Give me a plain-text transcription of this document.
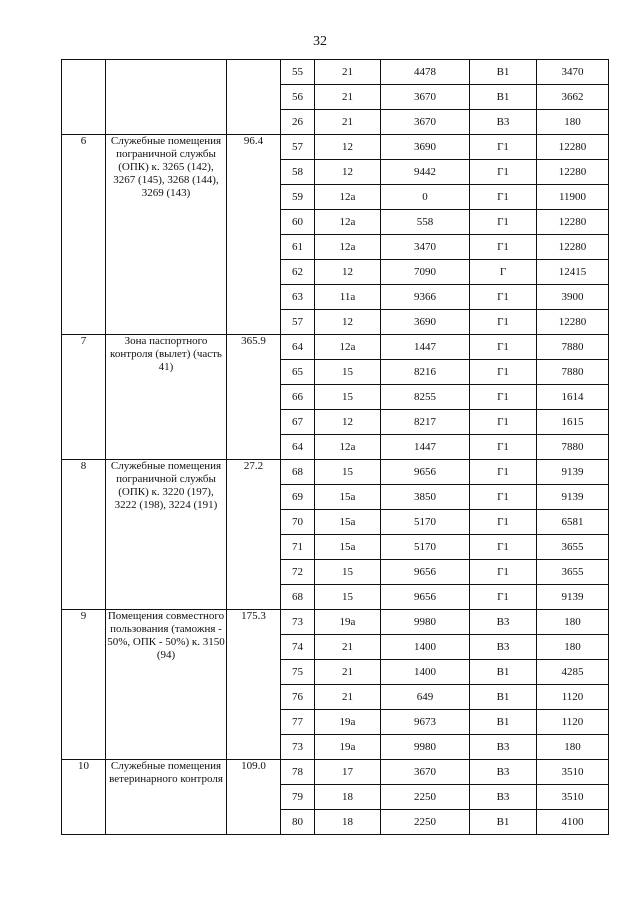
32
			55	21	4478	В1	3470
			56	21	3670	В1	3662
			26	21	3670	В3	180
6	Служебные помещения пограничной службы (ОПК) к. 3265 (142), 3267 (145), 3268 (144), 3269 (143)	96.4	57	12	3690	Г1	12280
			58	12	9442	Г1	12280
			59	12а	0	Г1	11900
			60	12а	558	Г1	12280
			61	12а	3470	Г1	12280
			62	12	7090	Г	12415
			63	11а	9366	Г1	3900
			57	12	3690	Г1	12280
7	Зона паспортного контроля (вылет) (часть 41)	365.9	64	12а	1447	Г1	7880
			65	15	8216	Г1	7880
			66	15	8255	Г1	1614
			67	12	8217	Г1	1615
			64	12а	1447	Г1	7880
8	Служебные помещения пограничной службы (ОПК) к. 3220 (197), 3222 (198), 3224 (191)	27.2	68	15	9656	Г1	9139
			69	15а	3850	Г1	9139
			70	15а	5170	Г1	6581
			71	15а	5170	Г1	3655
			72	15	9656	Г1	3655
			68	15	9656	Г1	9139
9	Помещения совместного пользования (таможня - 50%, ОПК - 50%) к. 3150 (94)	175.3	73	19а	9980	В3	180
			74	21	1400	В3	180
			75	21	1400	В1	4285
			76	21	649	В1	1120
			77	19а	9673	В1	1120
			73	19а	9980	В3	180
10	Служебные помещения ветеринарного контроля	109.0	78	17	3670	В3	3510
			79	18	2250	В3	3510
			80	18	2250	В1	4100
